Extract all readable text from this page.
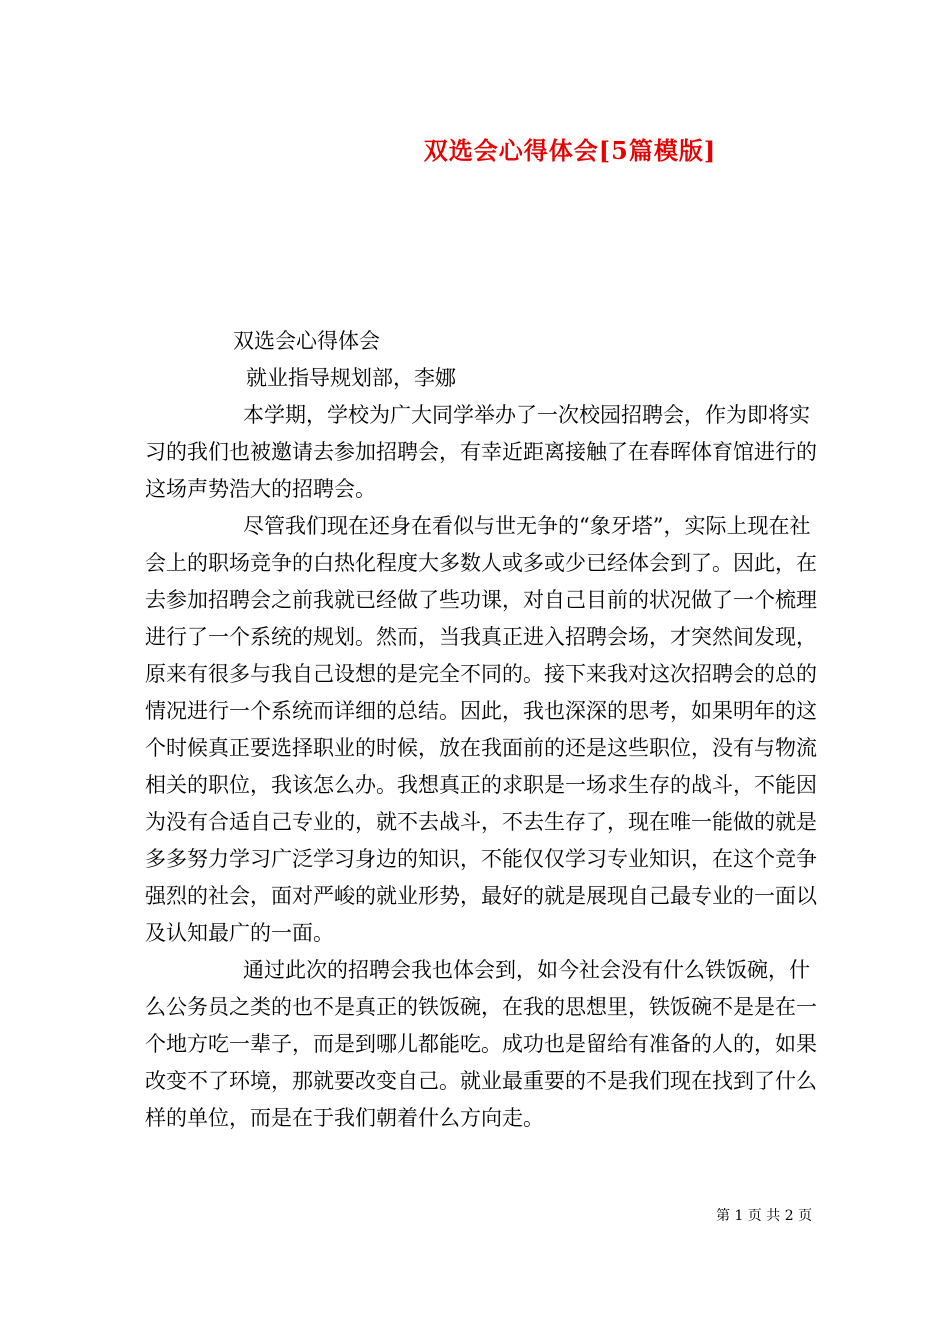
双选会心得体会[5篇模版]

双选会心得体会

就业指导规划部，李娜

本学期，学校为广大同学举办了一次校园招聘会，作为即将实习的我们也被邀请去参加招聘会，有幸近距离接触了在春晖体育馆进行的这场声势浩大的招聘会。

尽管我们现在还身在看似与世无争的“象牙塔”，实际上现在社会上的职场竞争的白热化程度大多数人或多或少已经体会到了。因此，在去参加招聘会之前我就已经做了些功课，对自己目前的状况做了一个梳理进行了一个系统的规划。然而，当我真正进入招聘会场，才突然间发现，原来有很多与我自己设想的是完全不同的。接下来我对这次招聘会的总的情况进行一个系统而详细的总结。因此，我也深深的思考，如果明年的这个时候真正要选择职业的时候，放在我面前的还是这些职位，没有与物流相关的职位，我该怎么办。我想真正的求职是一场求生存的战斗，不能因为没有合适自己专业的，就不去战斗，不去生存了，现在唯一能做的就是多多努力学习广泛学习身边的知识，不能仅仅学习专业知识，在这个竞争强烈的社会，面对严峻的就业形势，最好的就是展现自己最专业的一面以及认知最广的一面。

通过此次的招聘会我也体会到，如今社会没有什么铁饭碗，什么公务员之类的也不是真正的铁饭碗，在我的思想里，铁饭碗不是是在一个地方吃一辈子，而是到哪儿都能吃。成功也是留给有准备的人的，如果改变不了环境，那就要改变自己。就业最重要的不是我们现在找到了什么样的单位，而是在于我们朝着什么方向走。

第 1 页 共 2 页
